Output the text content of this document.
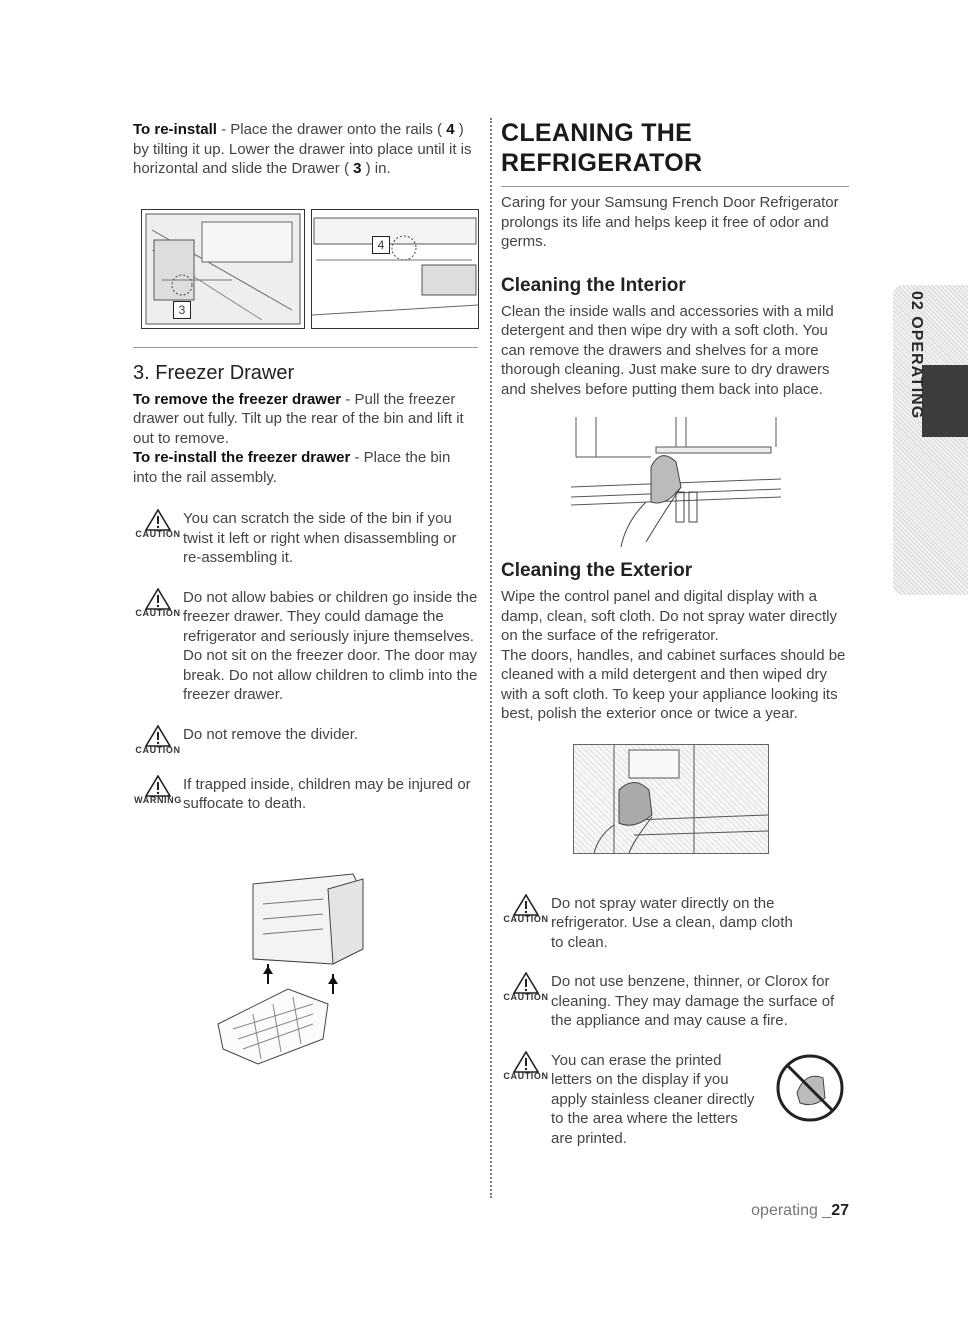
To re-install - Place the drawer onto the rails ( 4 ) by tilting it up. Lower the drawer into place until it is horizontal and slide the Drawer ( 3 ) in.

3
4
3. Freezer Drawer

To remove the freezer drawer - Pull the freezer drawer out fully. Tilt up the rear of the bin and lift it out to remove.

To re-install the freezer drawer - Place the bin into the rail assembly.

CAUTION
You can scratch the side of the bin if you twist it left or right when disassembling or re-assembling it.
CAUTION
Do not allow babies or children go inside the freezer drawer. They could damage the refrigerator and seriously injure themselves. Do not sit on the freezer door. The door may break. Do not allow children to climb into the freezer drawer.
CAUTION
Do not remove the divider.
WARNING
If trapped inside, children may be injured or suffocate to death.
CLEANING THE REFRIGERATOR

Caring for your Samsung French Door Refrigerator prolongs its life and helps keep it free of odor and germs.

Cleaning the Interior

Clean the inside walls and accessories with a mild detergent and then wipe dry with a soft cloth. You can remove the drawers and shelves for a more thorough cleaning. Just make sure to dry drawers and shelves before putting them back into place.

Cleaning the Exterior

Wipe the control panel and digital display with a damp, clean, soft cloth. Do not spray water directly on the surface of the refrigerator.

The doors, handles, and cabinet surfaces should be cleaned with a mild detergent and then wiped dry with a soft cloth. To keep your appliance looking its best, polish the exterior once or twice a year.

CAUTION
Do not spray water directly on the refrigerator. Use a clean, damp cloth to clean.
CAUTION
Do not use benzene, thinner, or Clorox for cleaning. They may damage the surface of the appliance and may cause a fire.
CAUTION
You can erase the printed letters on the display if you apply stainless cleaner directly to the area where the letters are printed.
02 OPERATING
operating _27
